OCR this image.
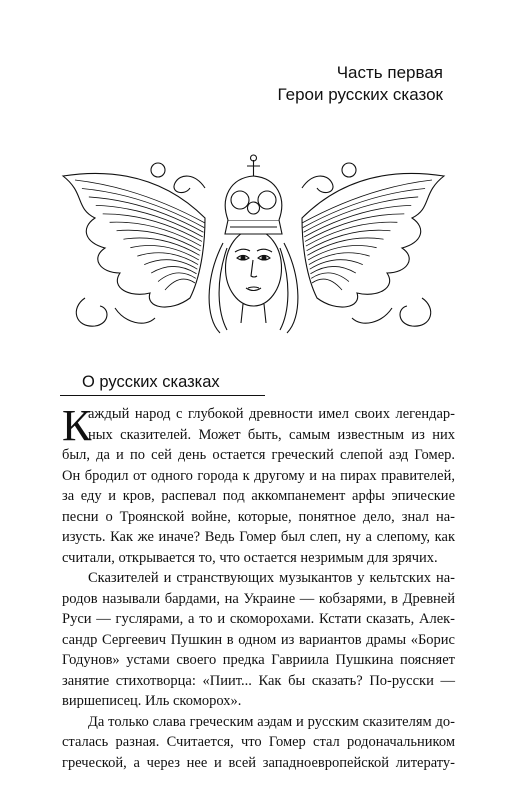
Часть первая
Герои русских сказок
О русских сказках
К
аждый народ с глубокой древности имел своих легендар-
ных сказителей. Может быть, самым известным из них
был, да и по сей день остается греческий слепой аэд Гомер.
Он бродил от одного города к другому и на пирах правителей,
за еду и кров, распевал под аккомпанемент арфы эпические
песни о Троянской войне, которые, понятное дело, знал на-
изусть. Как же иначе? Ведь Гомер был слеп, ну а слепому, как
считали, открывается то, что остается незримым для зрячих.
Сказителей и странствующих музыкантов у кельтских на-
родов называли бардами, на Украине — кобзарями, в Древней
Руси — гуслярами, а то и скоморохами. Кстати сказать, Алек-
сандр Сергеевич Пушкин в одном из вариантов драмы «Борис
Годунов» устами своего предка Гавриила Пушкина поясняет
занятие стихотворца: «Пиит... Как бы сказать? По-русски —
виршеписец. Иль скоморох».
Да только слава греческим аэдам и русским сказителям до-
сталась разная. Считается, что Гомер стал родоначальником
греческой, а через нее и всей западноевропейской литерату-
